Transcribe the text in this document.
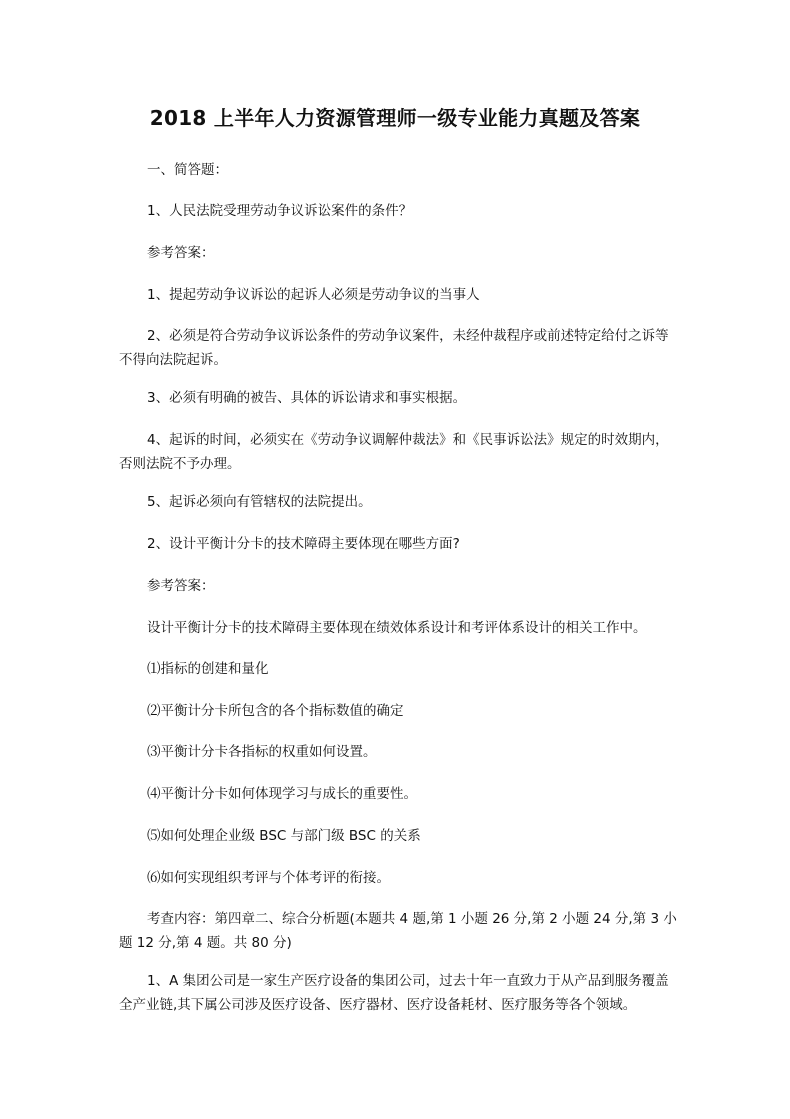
2018 上半年人力资源管理师一级专业能力真题及答案
一、简答题：
1、人民法院受理劳动争议诉讼案件的条件？
参考答案：
1、提起劳动争议诉讼的起诉人必须是劳动争议的当事人
2、必须是符合劳动争议诉讼条件的劳动争议案件，未经仲裁程序或前述特定给付之诉等不得向法院起诉。
3、必须有明确的被告、具体的诉讼请求和事实根据。
4、起诉的时间，必须实在《劳动争议调解仲裁法》和《民事诉讼法》规定的时效期内，否则法院不予办理。
5、起诉必须向有管辖权的法院提出。
2、设计平衡计分卡的技术障碍主要体现在哪些方面?
参考答案：
设计平衡计分卡的技术障碍主要体现在绩效体系设计和考评体系设计的相关工作中。
⑴指标的创建和量化
⑵平衡计分卡所包含的各个指标数值的确定
⑶平衡计分卡各指标的权重如何设置。
⑷平衡计分卡如何体现学习与成长的重要性。
⑸如何处理企业级 BSC 与部门级 BSC 的关系
⑹如何实现组织考评与个体考评的衔接。
考查内容：第四章二、综合分析题(本题共 4 题,第 1 小题 26 分,第 2 小题 24 分,第 3 小题 12 分,第 4 题。共 80 分)
1、A 集团公司是一家生产医疗设备的集团公司，过去十年一直致力于从产品到服务覆盖全产业链,其下属公司涉及医疗设备、医疗器材、医疗设备耗材、医疗服务等各个领域。
